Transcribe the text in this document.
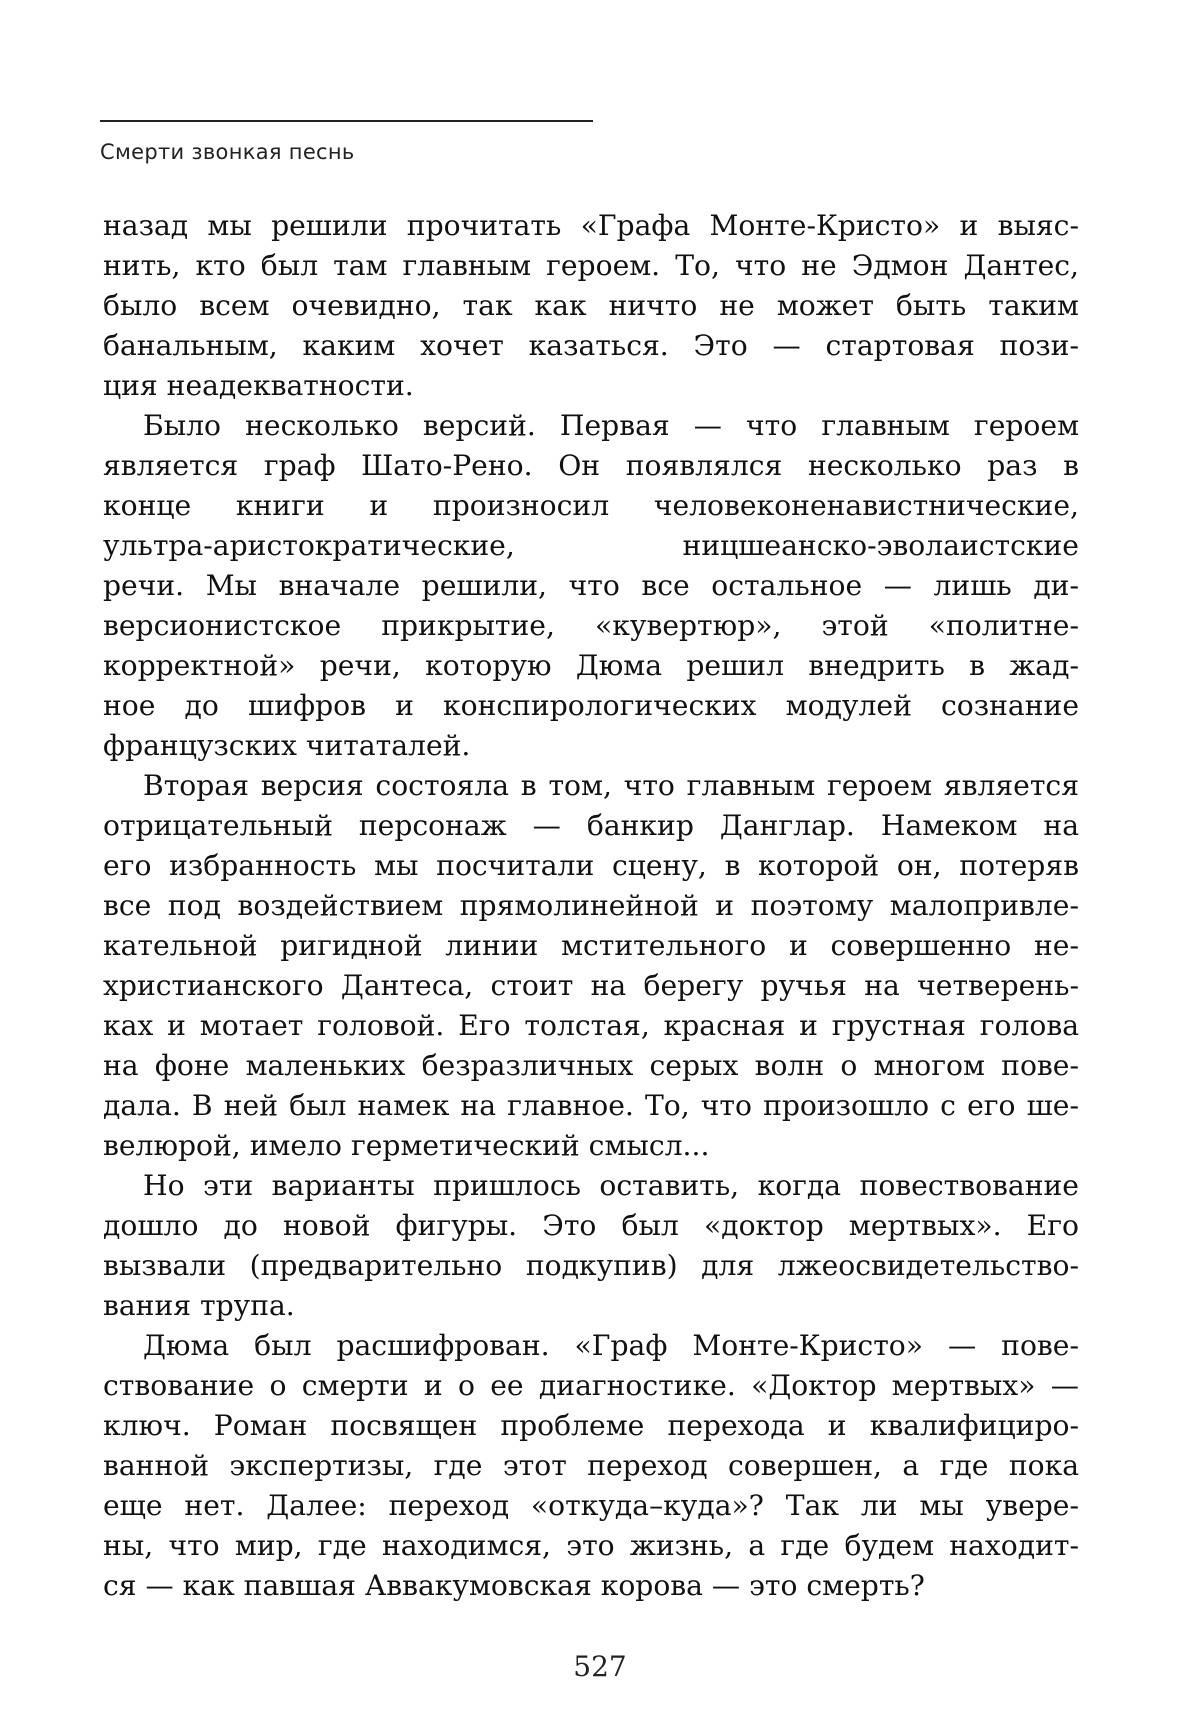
Смерти звонкая песнь

назад мы решили прочитать «Графа Монте-Кристо» и выяс-
нить, кто был там главным героем. То, что не Эдмон Дантес,
было всем очевидно, так как ничто не может быть таким
банальным, каким хочет казаться. Это — стартовая пози-
ция неадекватности.

Было несколько версий. Первая — что главным героем
является граф Шато-Рено. Он появлялся несколько раз в
конце книги и произносил человеконенавистнические,
ультра-аристократические, ницшеанско-эволаистские
речи. Мы вначале решили, что все остальное — лишь ди-
версионистское прикрытие, «кувертюр», этой «политне-
корректной» речи, которую Дюма решил внедрить в жад-
ное до шифров и конспирологических модулей сознание
французских читаталей.

Вторая версия состояла в том, что главным героем является
отрицательный персонаж — банкир Данглар. Намеком на
его избранность мы посчитали сцену, в которой он, потеряв
все под воздействием прямолинейной и поэтому малопривле-
кательной ригидной линии мстительного и совершенно не-
христианского Дантеса, стоит на берегу ручья на четверень-
ках и мотает головой. Его толстая, красная и грустная голова
на фоне маленьких безразличных серых волн о многом пове-
дала. В ней был намек на главное. То, что произошло с его ше-
велюрой, имело герметический смысл...

Но эти варианты пришлось оставить, когда повествование
дошло до новой фигуры. Это был «доктор мертвых». Его
вызвали (предварительно подкупив) для лжеосвидетельство-
вания трупа.

Дюма был расшифрован. «Граф Монте-Кристо» — пове-
ствование о смерти и о ее диагностике. «Доктор мертвых» —
ключ. Роман посвящен проблеме перехода и квалифициро-
ванной экспертизы, где этот переход совершен, а где пока
еще нет. Далее: переход «откуда–куда»? Так ли мы увере-
ны, что мир, где находимся, это жизнь, а где будем находит-
ся — как павшая Аввакумовская корова — это смерть?

527
